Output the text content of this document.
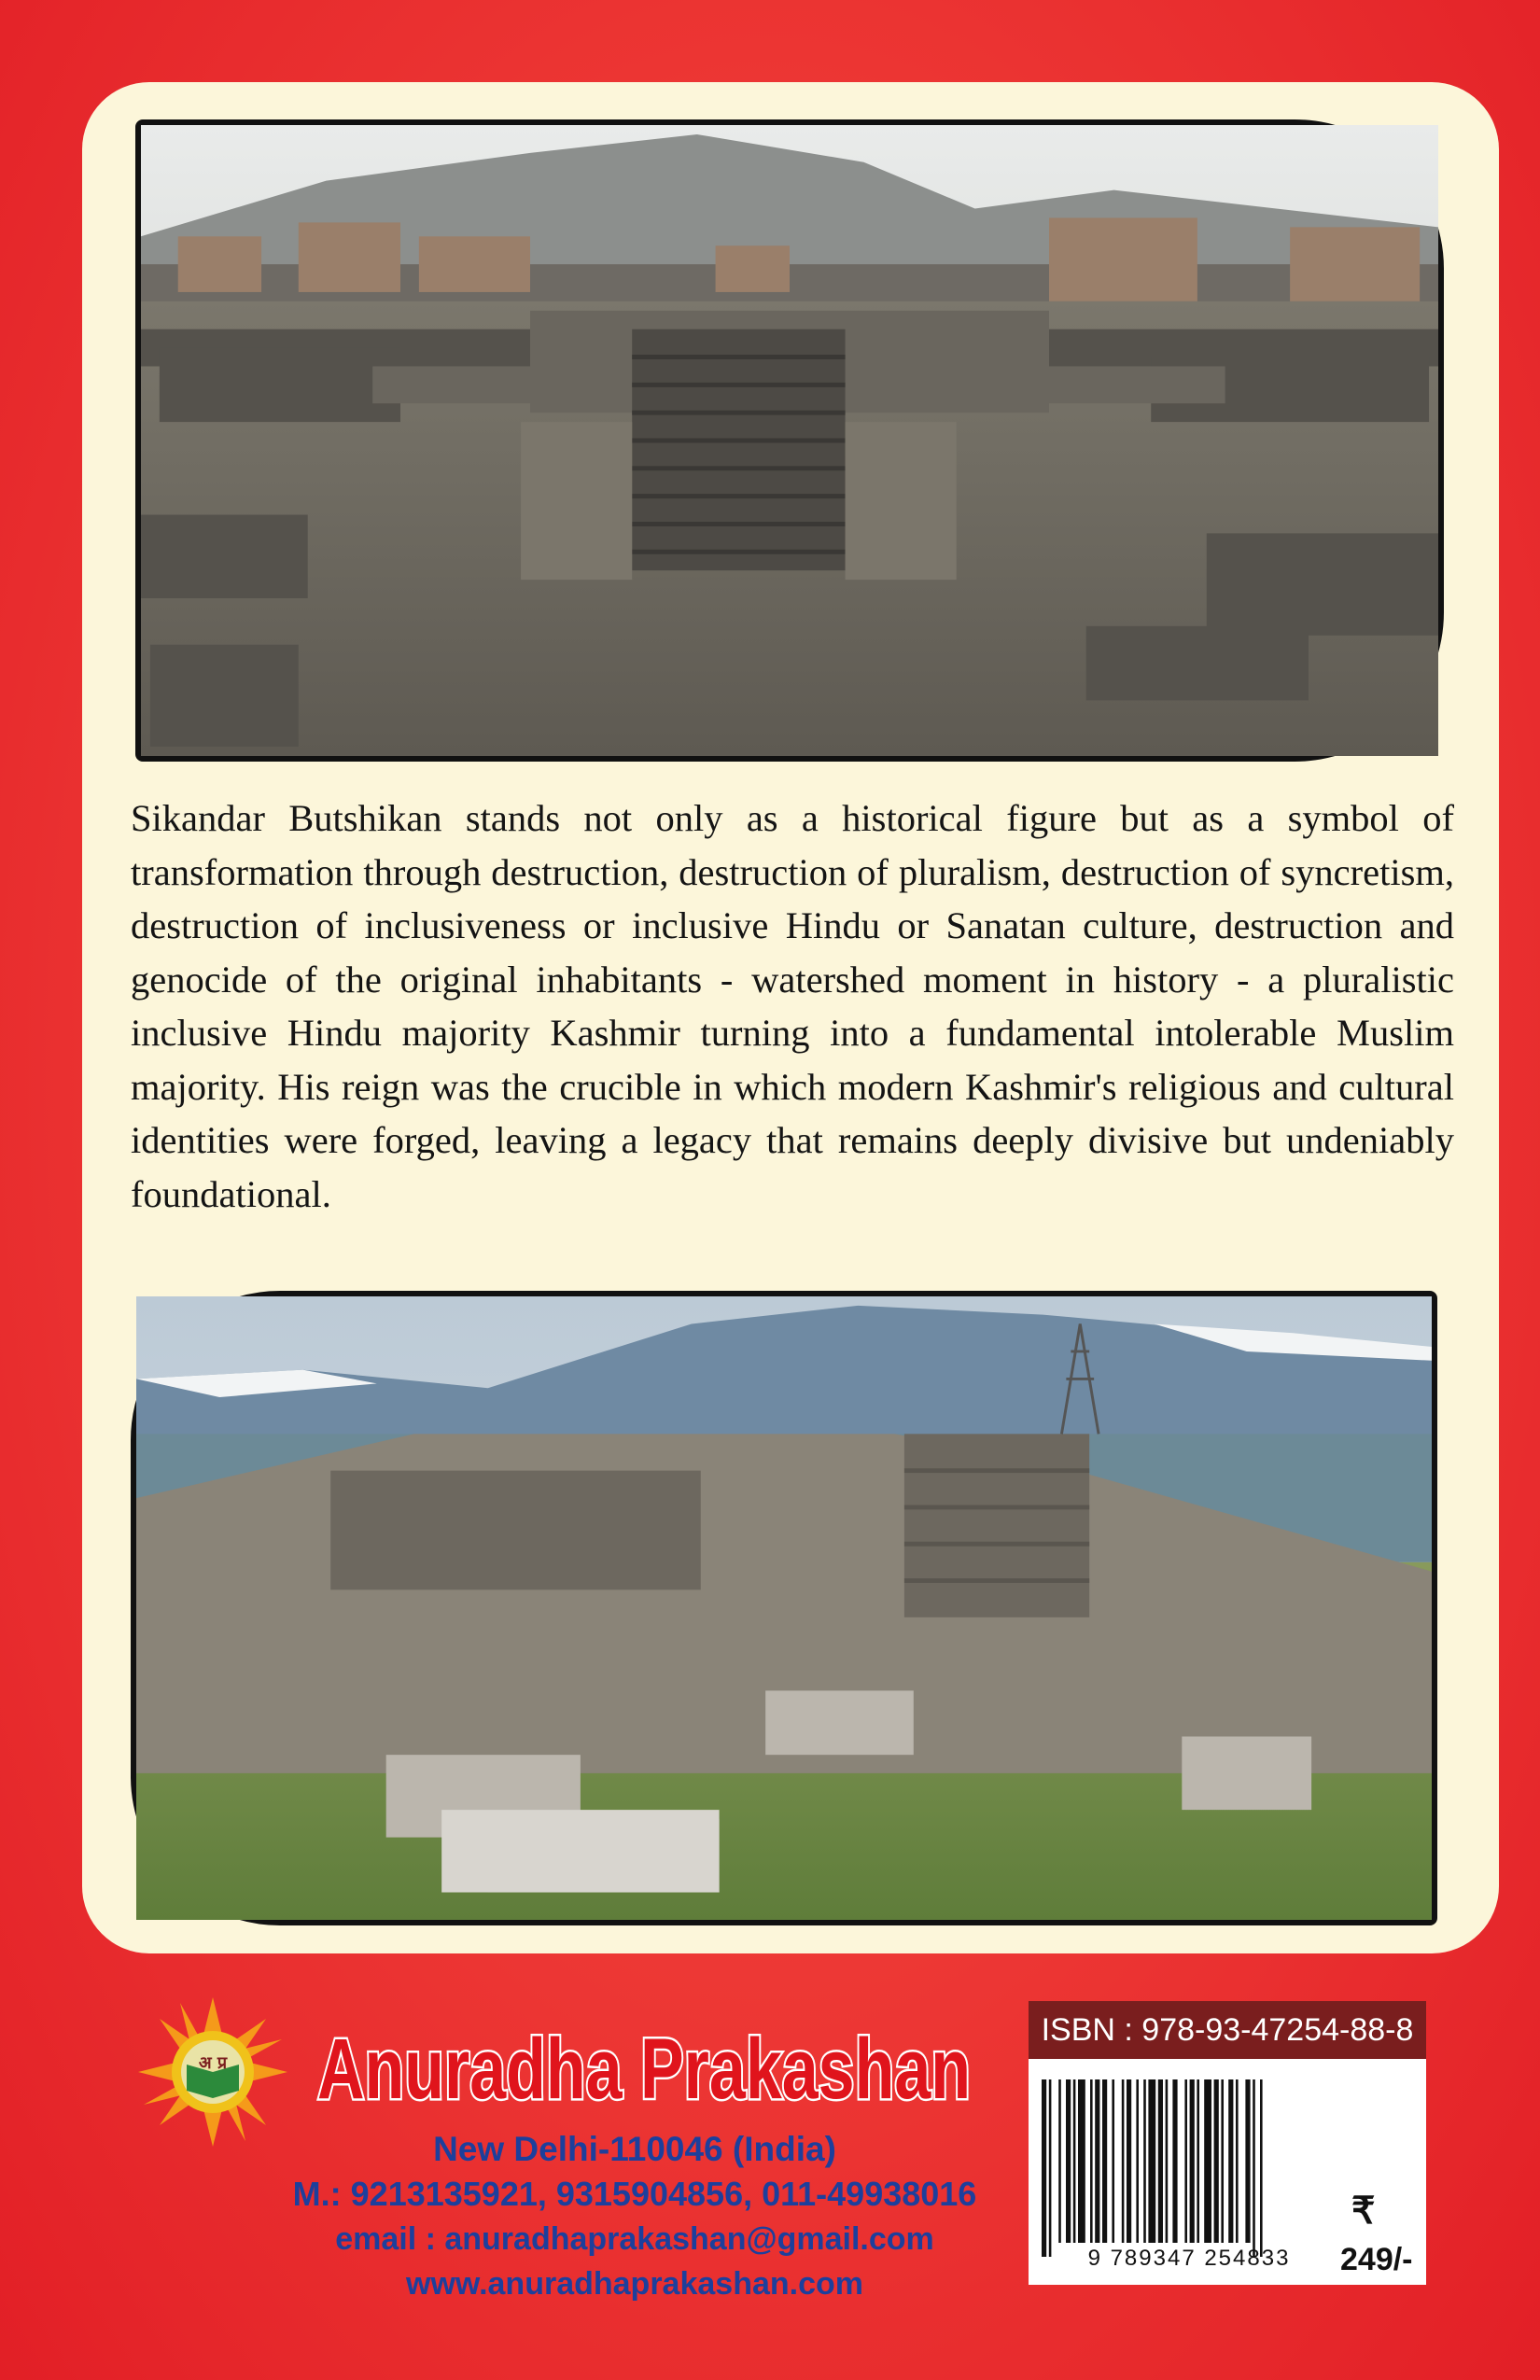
Sikandar Butshikan stands not only as a historical figure but as a symbol of transformation through destruction, destruction of pluralism, destruction of syncretism, destruction of inclusiveness or inclusive Hindu or Sanatan culture, destruction and genocide of the original inhabitants - watershed moment in history - a pluralistic inclusive Hindu majority Kashmir turning into a fundamental intolerable Muslim majority. His reign was the crucible in which modern Kashmir's religious and cultural identities were forged, leaving a legacy that remains deeply divisive but undeniably foundational.

अ प्र Anuradha Prakashan
New Delhi-110046 (India)
M.: 9213135921, 9315904856, 011-49938016
email : anuradhaprakashan@gmail.com
www.anuradhaprakashan.com
ISBN : 978-93-47254-88-8
9 789347 254833
₹
249/-
